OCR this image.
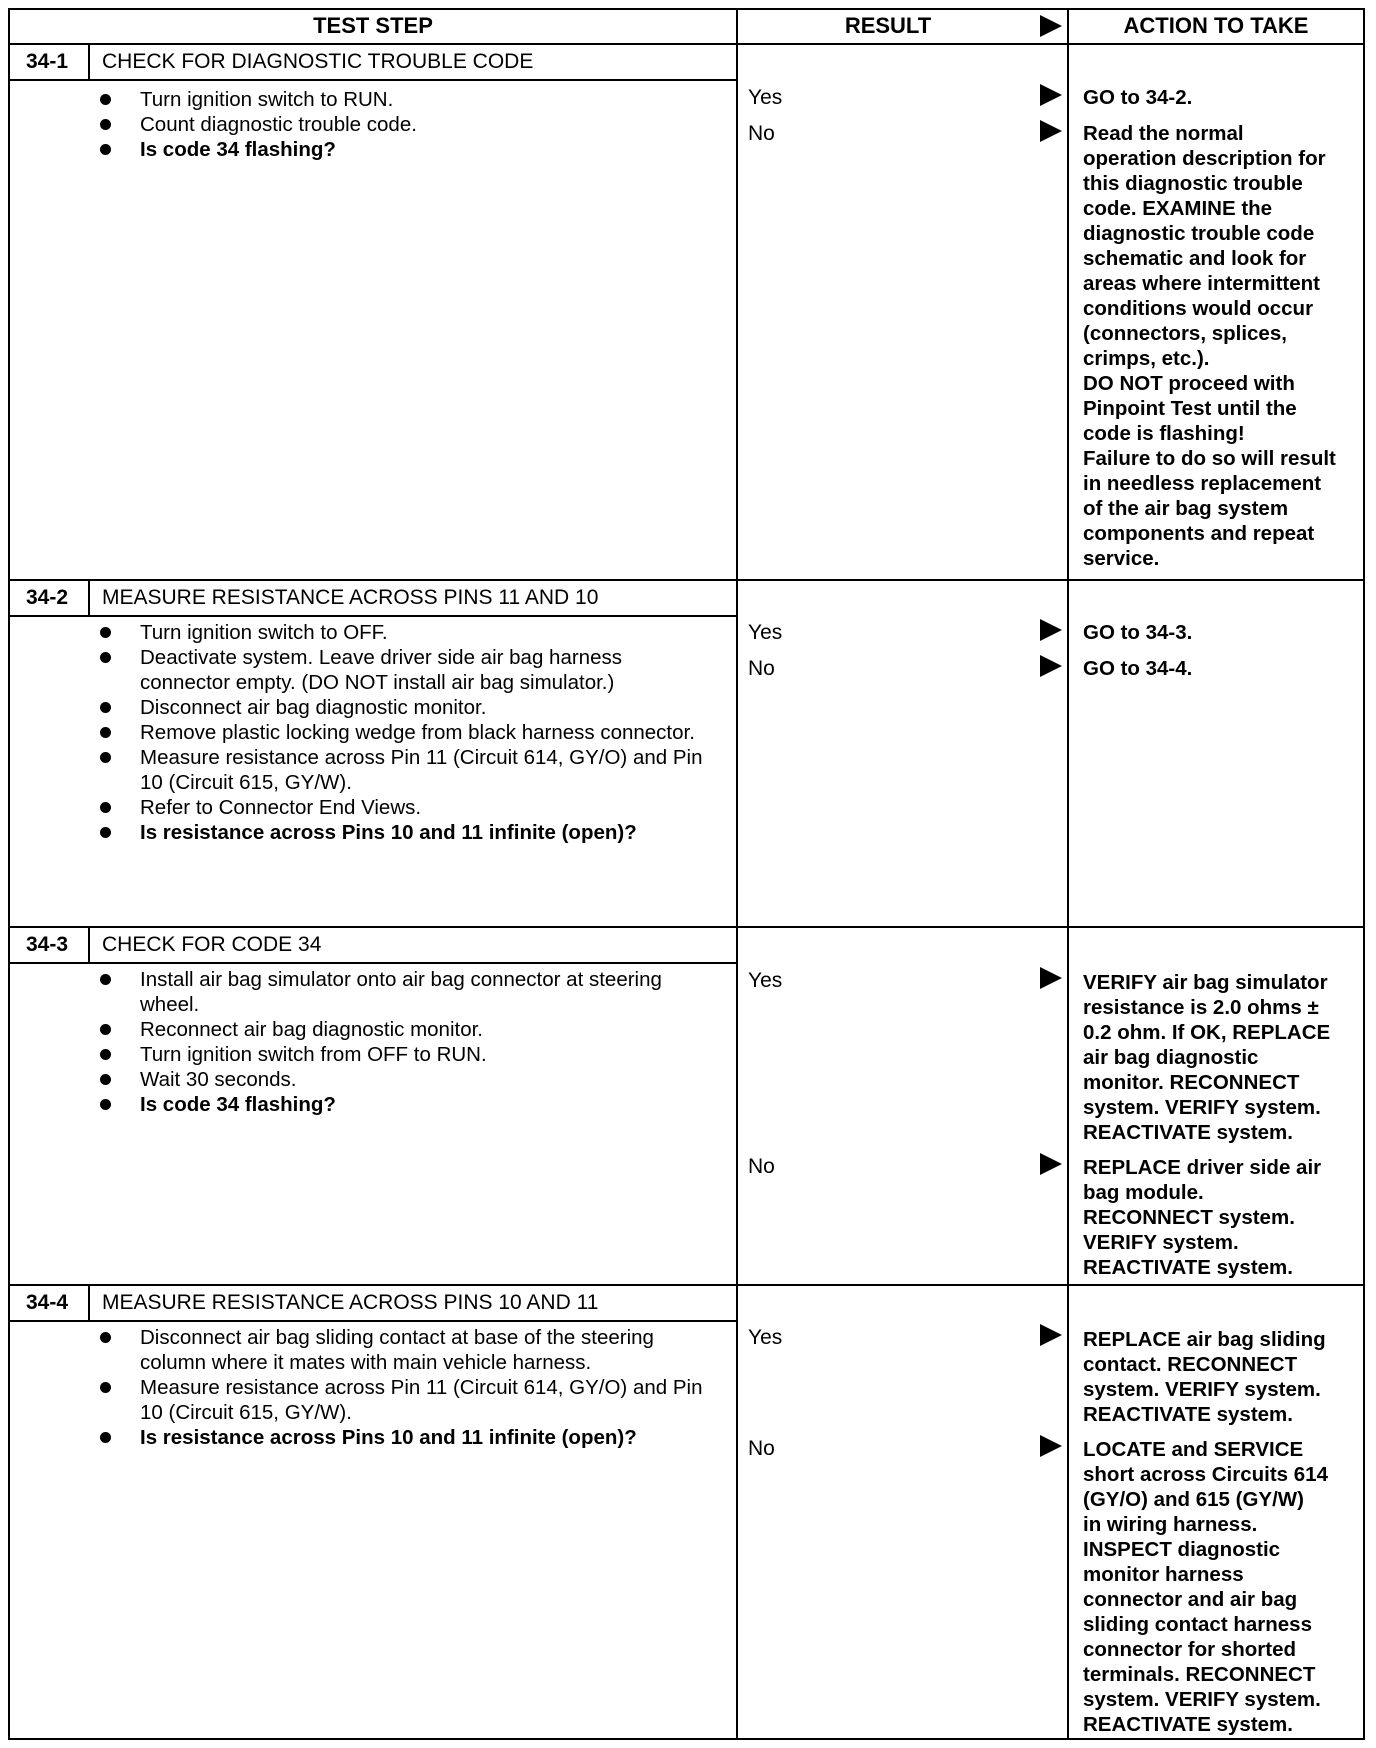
TEST STEP	RESULT	ACTION TO TAKE
34-1	CHECK FOR DIAGNOSTIC TROUBLE CODE
Turn ignition switch to RUN.
Count diagnostic trouble code.
Is code 34 flashing?
Yes	GO to 34-2.
No	Read the normal
operation description for
this diagnostic trouble
code. EXAMINE the
diagnostic trouble code
schematic and look for
areas where intermittent
conditions would occur
(connectors, splices,
crimps, etc.).
DO NOT proceed with
Pinpoint Test until the
code is flashing!
Failure to do so will result
in needless replacement
of the air bag system
components and repeat
service.
34-2	MEASURE RESISTANCE ACROSS PINS 11 AND 10
Turn ignition switch to OFF.
Deactivate system. Leave driver side air bag harness connector empty. (DO NOT install air bag simulator.)
Disconnect air bag diagnostic monitor.
Remove plastic locking wedge from black harness connector.
Measure resistance across Pin 11 (Circuit 614, GY/O) and Pin 10 (Circuit 615, GY/W).
Refer to Connector End Views.
Is resistance across Pins 10 and 11 infinite (open)?
Yes	GO to 34-3.
No	GO to 34-4.
34-3	CHECK FOR CODE 34
Install air bag simulator onto air bag connector at steering wheel.
Reconnect air bag diagnostic monitor.
Turn ignition switch from OFF to RUN.
Wait 30 seconds.
Is code 34 flashing?
Yes	VERIFY air bag simulator
resistance is 2.0 ohms ±
0.2 ohm. If OK, REPLACE
air bag diagnostic
monitor. RECONNECT
system. VERIFY system.
REACTIVATE system.
No	REPLACE driver side air
bag module.
RECONNECT system.
VERIFY system.
REACTIVATE system.
34-4	MEASURE RESISTANCE ACROSS PINS 10 AND 11
Disconnect air bag sliding contact at base of the steering column where it mates with main vehicle harness.
Measure resistance across Pin 11 (Circuit 614, GY/O) and Pin 10 (Circuit 615, GY/W).
Is resistance across Pins 10 and 11 infinite (open)?
Yes	REPLACE air bag sliding
contact. RECONNECT
system. VERIFY system.
REACTIVATE system.
No	LOCATE and SERVICE
short across Circuits 614
(GY/O) and 615 (GY/W)
in wiring harness.
INSPECT diagnostic
monitor harness
connector and air bag
sliding contact harness
connector for shorted
terminals. RECONNECT
system. VERIFY system.
REACTIVATE system.
